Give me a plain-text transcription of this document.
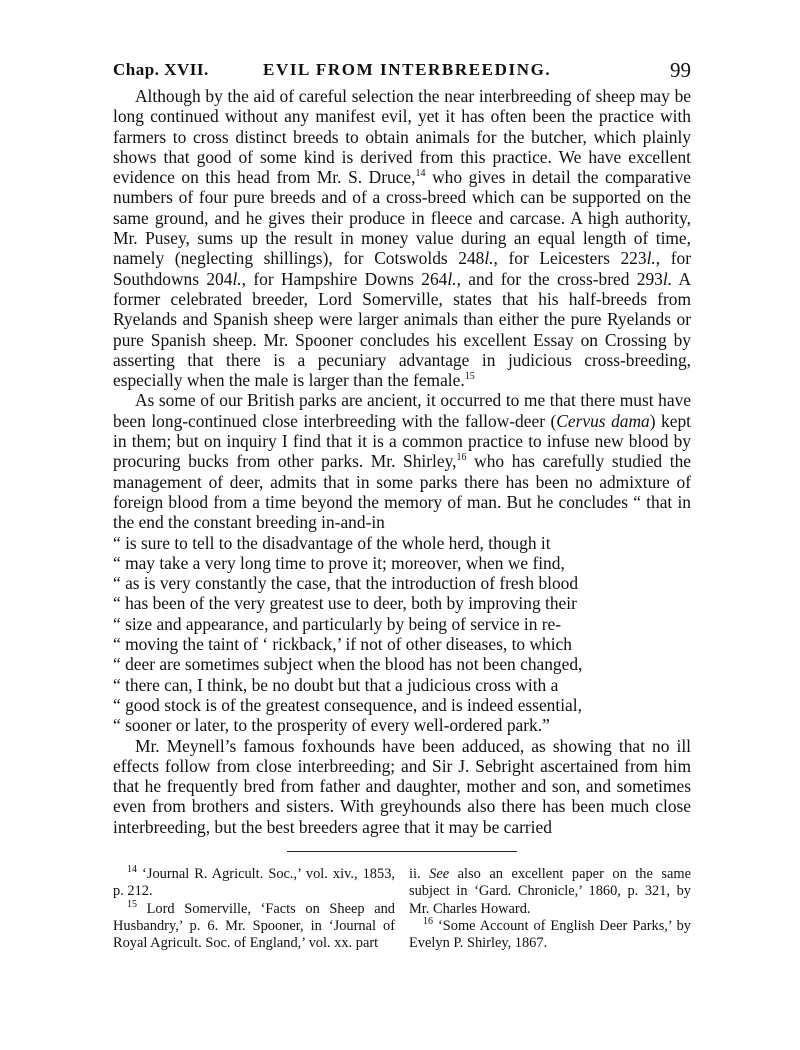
Chap. XVII.	EVIL FROM INTERBREEDING.	99

Although by the aid of careful selection the near interbreeding of sheep may be long continued without any manifest evil, yet it has often been the practice with farmers to cross distinct breeds to obtain animals for the butcher, which plainly shows that good of some kind is derived from this practice. We have excellent evidence on this head from Mr. S. Druce,$^{14}$ who gives in detail the comparative numbers of four pure breeds and of a cross-breed which can be supported on the same ground, and he gives their produce in fleece and carcase. A high authority, Mr. Pusey, sums up the result in money value during an equal length of time, namely (neglecting shillings), for Cotswolds 248l., for Leicesters 223l., for Southdowns 204l., for Hampshire Downs 264l., and for the cross-bred 293l. A former celebrated breeder, Lord Somerville, states that his half-breeds from Ryelands and Spanish sheep were larger animals than either the pure Ryelands or pure Spanish sheep. Mr. Spooner concludes his excellent Essay on Crossing by asserting that there is a pecuniary advantage in judicious cross-breeding, especially when the male is larger than the female.$^{15}$

As some of our British parks are ancient, it occurred to me that there must have been long-continued close interbreeding with the fallow-deer (Cervus dama) kept in them; but on inquiry I find that it is a common practice to infuse new blood by procuring bucks from other parks. Mr. Shirley,$^{16}$ who has carefully studied the management of deer, admits that in some parks there has been no admixture of foreign blood from a time beyond the memory of man. But he concludes “ that in the end the constant breeding in-and-in

“ is sure to tell to the disadvantage of the whole herd, though it

“ may take a very long time to prove it; moreover, when we find,

“ as is very constantly the case, that the introduction of fresh blood

“ has been of the very greatest use to deer, both by improving their

“ size and appearance, and particularly by being of service in re-

“ moving the taint of ‘ rickback,’ if not of other diseases, to which

“ deer are sometimes subject when the blood has not been changed,

“ there can, I think, be no doubt but that a judicious cross with a

“ good stock is of the greatest consequence, and is indeed essential,

“ sooner or later, to the prosperity of every well-ordered park.”

Mr. Meynell’s famous foxhounds have been adduced, as showing that no ill effects follow from close interbreeding; and Sir J. Sebright ascertained from him that he frequently bred from father and daughter, mother and son, and sometimes even from brothers and sisters. With greyhounds also there has been much close interbreeding, but the best breeders agree that it may be carried

$^{14}$ ‘Journal R. Agricult. Soc.,’ vol. xiv., 1853, p. 212.

$^{15}$ Lord Somerville, ‘Facts on Sheep and Husbandry,’ p. 6. Mr. Spooner, in ‘Journal of Royal Agricult. Soc. of England,’ vol. xx. part

ii. See also an excellent paper on the same subject in ‘Gard. Chronicle,’ 1860, p. 321, by Mr. Charles Howard.

$^{16}$ ‘Some Account of English Deer Parks,’ by Evelyn P. Shirley, 1867.
